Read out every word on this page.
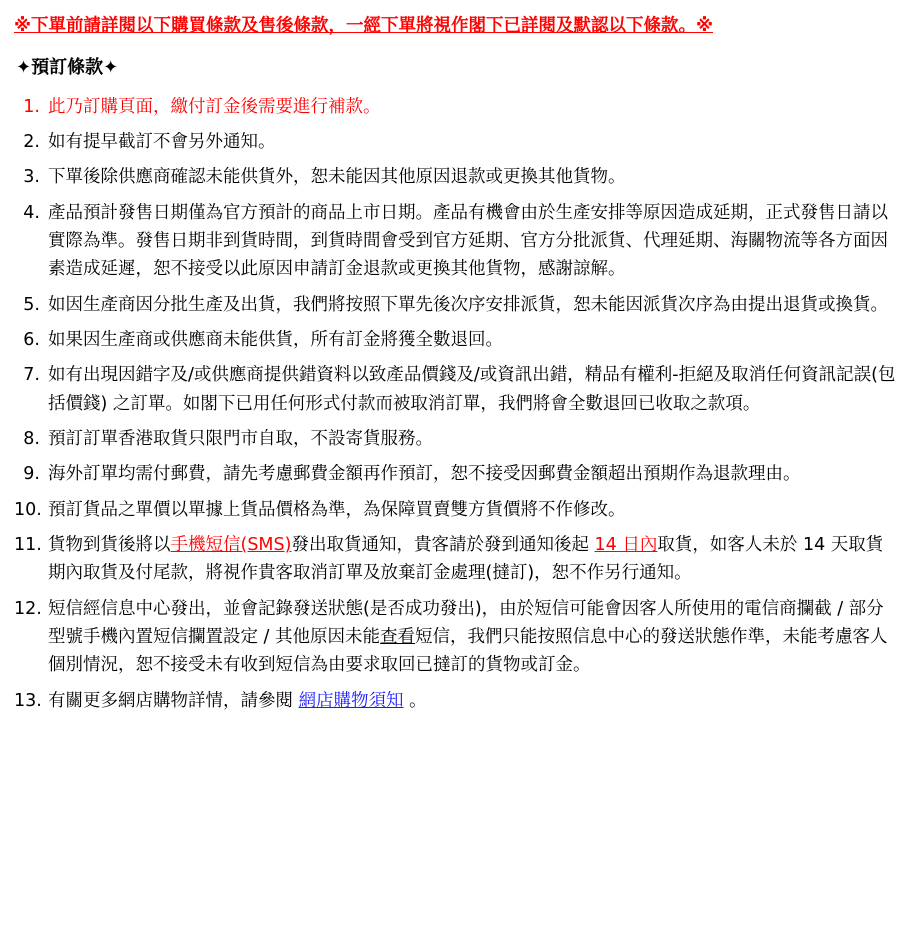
※下單前請詳閱以下購買條款及售後條款，一經下單將視作閣下已詳閱及默認以下條款。※
✦預訂條款✦
此乃訂購頁面，繳付訂金後需要進行補款。
如有提早截訂不會另外通知。
下單後除供應商確認未能供貨外，恕未能因其他原因退款或更換其他貨物。
產品預計發售日期僅為官方預計的商品上市日期。產品有機會由於生產安排等原因造成延期，正式發售日請以實際為準。發售日期非到貨時間，到貨時間會受到官方延期、官方分批派貨、代理延期、海關物流等各方面因素造成延遲，恕不接受以此原因申請訂金退款或更換其他貨物，感謝諒解。
如因生產商因分批生產及出貨，我們將按照下單先後次序安排派貨，恕未能因派貨次序為由提出退貨或換貨。
如果因生產商或供應商未能供貨，所有訂金將獲全數退回。
如有出現因錯字及/或供應商提供錯資料以致產品價錢及/或資訊出錯，精品有權利-拒絕及取消任何資訊記誤(包括價錢) 之訂單。如閣下已用任何形式付款而被取消訂單，我們將會全數退回已收取之款項。
預訂訂單香港取貨只限門市自取，不設寄貨服務。
海外訂單均需付郵費，請先考慮郵費金額再作預訂，恕不接受因郵費金額超出預期作為退款理由。
預訂貨品之單價以單據上貨品價格為準，為保障買賣雙方貨價將不作修改。
貨物到貨後將以手機短信(SMS)發出取貨通知，貴客請於發到通知後起 14 日內取貨，如客人未於 14 天取貨期內取貨及付尾款，將視作貴客取消訂單及放棄訂金處理(撻訂)，恕不作另行通知。
短信經信息中心發出，並會記錄發送狀態(是否成功發出)，由於短信可能會因客人所使用的電信商攔截 / 部分型號手機內置短信攔置設定 / 其他原因未能查看短信，我們只能按照信息中心的發送狀態作準，未能考慮客人個別情況，恕不接受未有收到短信為由要求取回已撻訂的貨物或訂金。
有關更多網店購物詳情，請參閱 網店購物須知 。
